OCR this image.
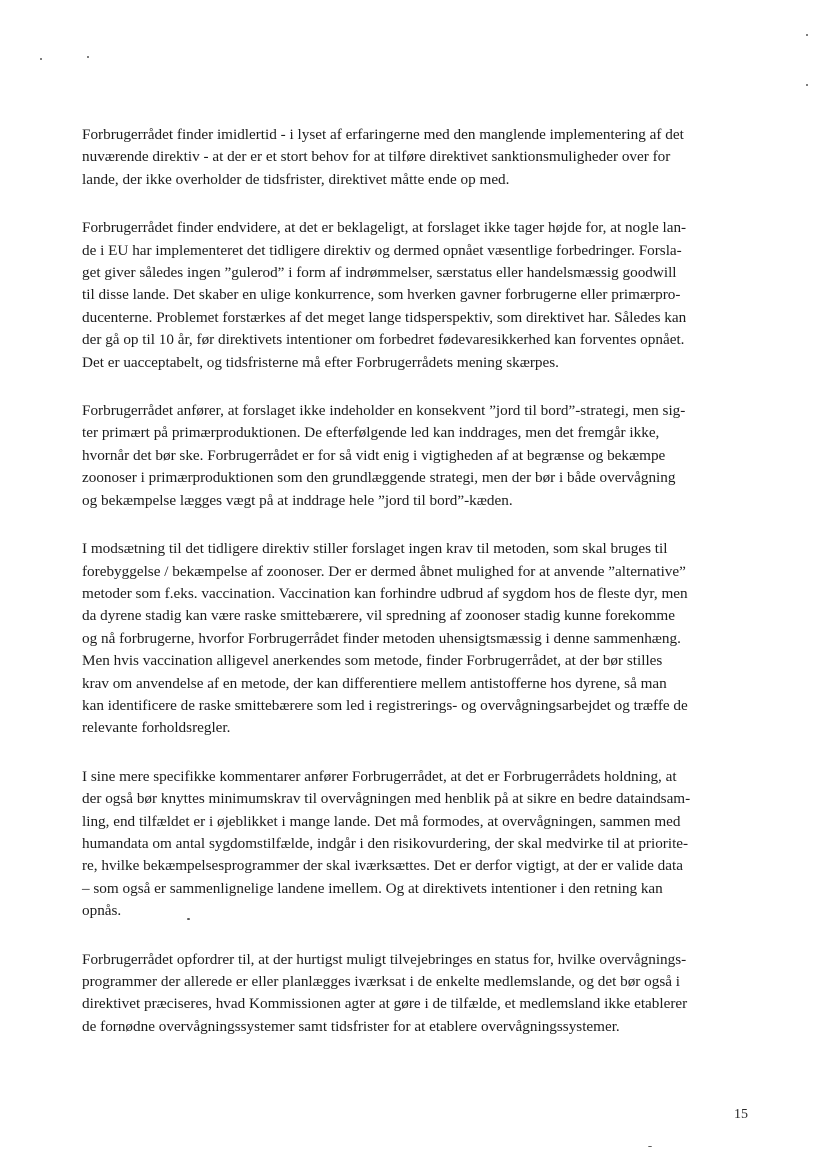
Forbrugerrådet finder imidlertid - i lyset af erfaringerne med den manglende implementering af det
nuværende direktiv - at der er et stort behov for at tilføre direktivet sanktionsmuligheder over for
lande, der ikke overholder de tidsfrister, direktivet måtte ende op med.

Forbrugerrådet finder endvidere, at det er beklageligt, at forslaget ikke tager højde for, at nogle lan-
de i EU har implementeret det tidligere direktiv og dermed opnået væsentlige forbedringer. Forsla-
get giver således ingen ”gulerod” i form af indrømmelser, særstatus eller handelsmæssig goodwill
til disse lande. Det skaber en ulige konkurrence, som hverken gavner forbrugerne eller primærpro-
ducenterne. Problemet forstærkes af det meget lange tidsperspektiv, som direktivet har. Således kan
der gå op til 10 år, før direktivets intentioner om forbedret fødevaresikkerhed kan forventes opnået.
Det er uacceptabelt, og tidsfristerne må efter Forbrugerrådets mening skærpes.

Forbrugerrådet anfører, at forslaget ikke indeholder en konsekvent ”jord til bord”-strategi, men sig-
ter primært på primærproduktionen. De efterfølgende led kan inddrages, men det fremgår ikke,
hvornår det bør ske. Forbrugerrådet er for så vidt enig i vigtigheden af at begrænse og bekæmpe
zoonoser i primærproduktionen som den grundlæggende strategi, men der bør i både overvågning
og bekæmpelse lægges vægt på at inddrage hele ”jord til bord”-kæden.

I modsætning til det tidligere direktiv stiller forslaget ingen krav til metoden, som skal bruges til
forebyggelse / bekæmpelse af zoonoser. Der er dermed åbnet mulighed for at anvende ”alternative”
metoder som f.eks. vaccination. Vaccination kan forhindre udbrud af sygdom hos de fleste dyr, men
da dyrene stadig kan være raske smittebærere, vil spredning af zoonoser stadig kunne forekomme
og nå forbrugerne, hvorfor Forbrugerrådet finder metoden uhensigtsmæssig i denne sammenhæng.
Men hvis vaccination alligevel anerkendes som metode, finder Forbrugerrådet, at der bør stilles
krav om anvendelse af en metode, der kan differentiere mellem antistofferne hos dyrene, så man
kan identificere de raske smittebærere som led i registrerings- og overvågningsarbejdet og træffe de
relevante forholdsregler.

I sine mere specifikke kommentarer anfører Forbrugerrådet, at det er Forbrugerrådets holdning, at
der også bør knyttes minimumskrav til overvågningen med henblik på at sikre en bedre dataindsam-
ling, end tilfældet er i øjeblikket i mange lande. Det må formodes, at overvågningen, sammen med
humandata om antal sygdomstilfælde, indgår i den risikovurdering, der skal medvirke til at priorite-
re, hvilke bekæmpelsesprogrammer der skal iværksættes. Det er derfor vigtigt, at der er valide data
– som også er sammenlignelige landene imellem. Og at direktivets intentioner i den retning kan
opnås.

Forbrugerrådet opfordrer til, at der hurtigst muligt tilvejebringes en status for, hvilke overvågnings-
programmer der allerede er eller planlægges iværksat i de enkelte medlemslande, og det bør også i
direktivet præciseres, hvad Kommissionen agter at gøre i de tilfælde, et medlemsland ikke etablerer
de fornødne overvågningssystemer samt tidsfrister for at etablere overvågningssystemer.

15
